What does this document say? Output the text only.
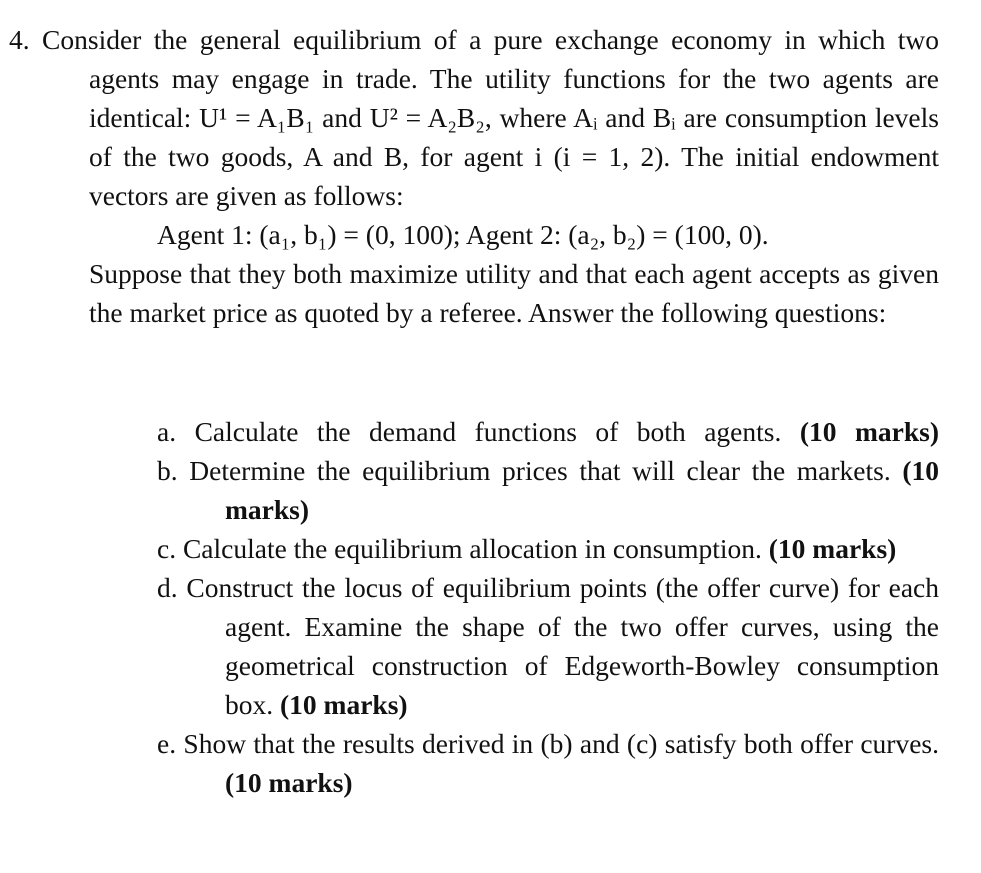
4. Consider the general equilibrium of a pure exchange economy in which two agents may engage in trade. The utility functions for the two agents are identical: U¹ = A₁B₁ and U² = A₂B₂, where Aᵢ and Bᵢ are consumption levels of the two goods, A and B, for agent i (i = 1, 2). The initial endowment vectors are given as follows:

Agent 1: (a₁, b₁) = (0, 100); Agent 2: (a₂, b₂) = (100, 0).
Suppose that they both maximize utility and that each agent accepts as given the market price as quoted by a referee. Answer the following questions:

a. Calculate the demand functions of both agents. (10 marks)

b. Determine the equilibrium prices that will clear the markets. (10 marks)

c. Calculate the equilibrium allocation in consumption. (10 marks)

d. Construct the locus of equilibrium points (the offer curve) for each agent. Examine the shape of the two offer curves, using the geometrical construction of Edgeworth-Bowley consumption box. (10 marks)

e. Show that the results derived in (b) and (c) satisfy both offer curves. (10 marks)
